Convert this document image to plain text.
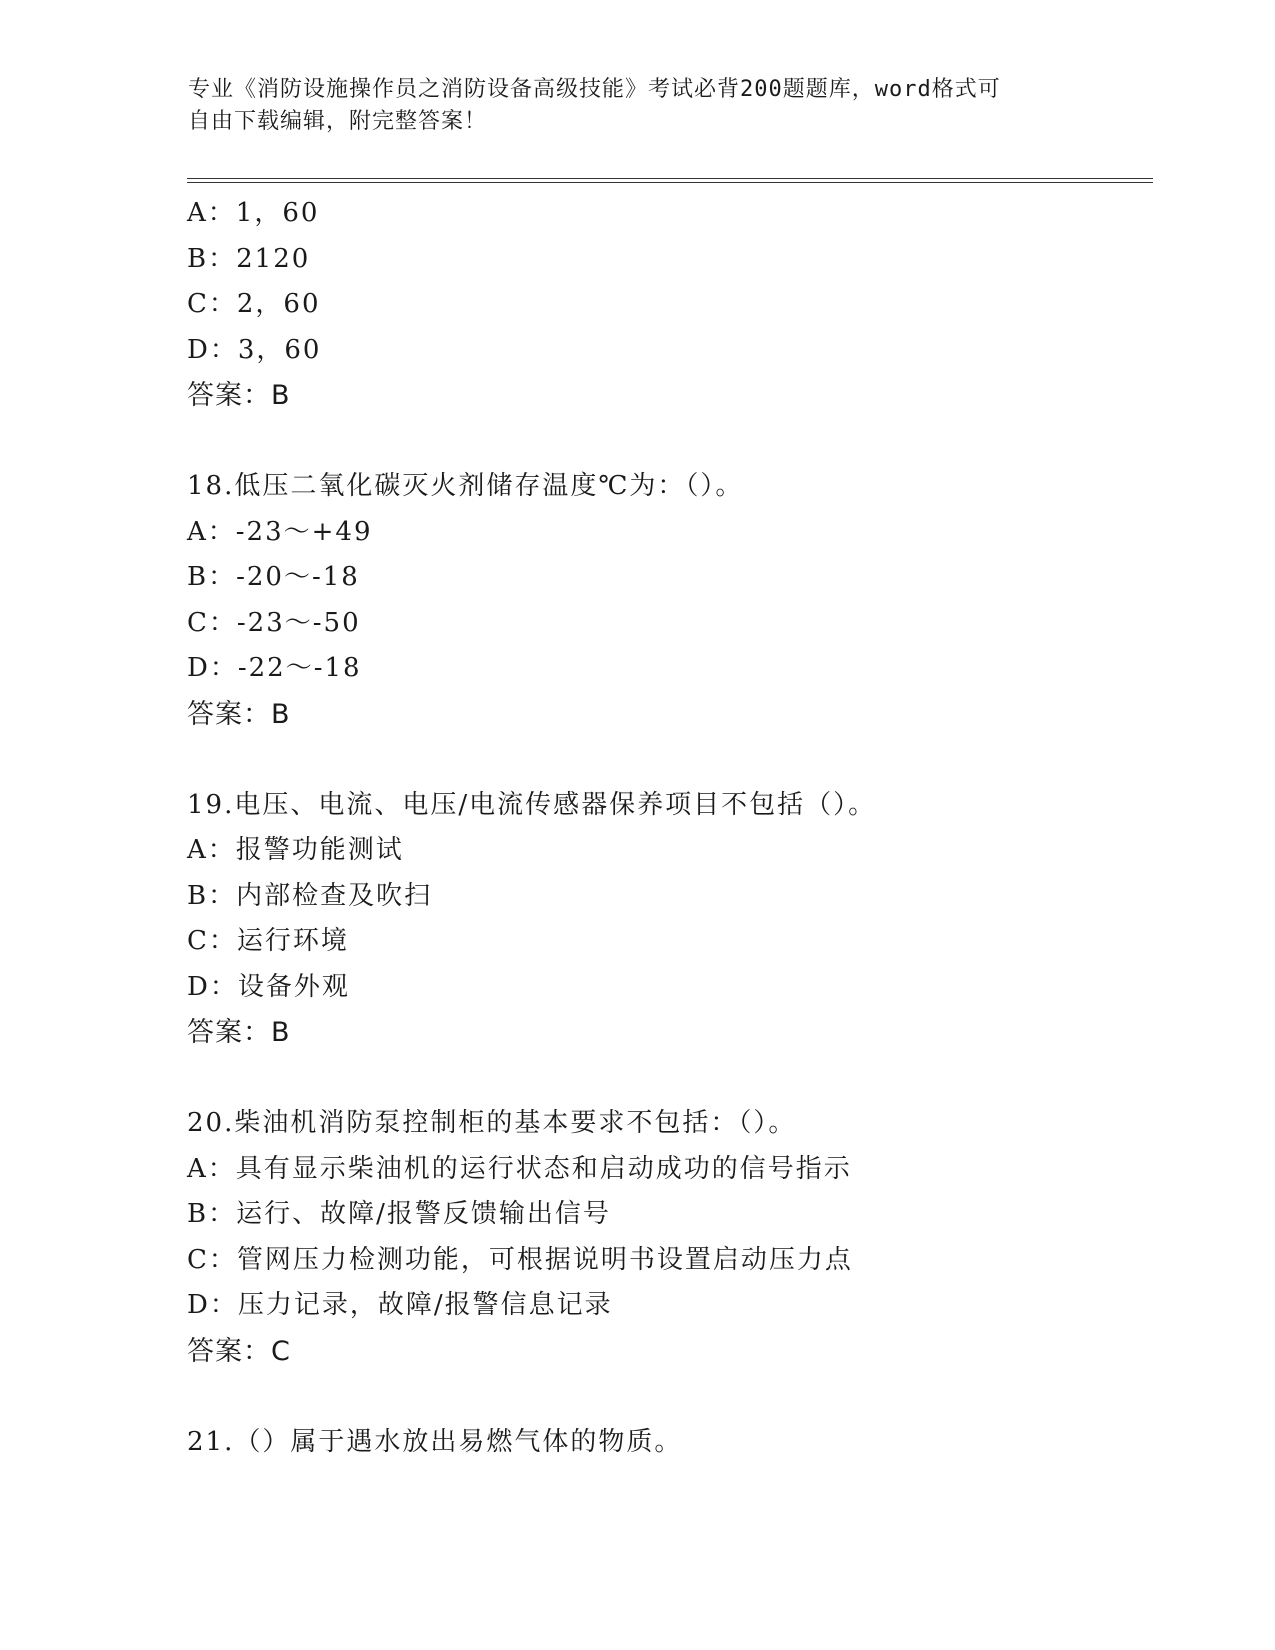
专业《消防设施操作员之消防设备高级技能》考试必背200题题库，word格式可
自由下载编辑，附完整答案！
A：1，60
B：2120
C：2，60
D：3，60
答案：B
18.低压二氧化碳灭火剂储存温度℃为：（）。
A：-23～+49
B：-20～-18
C：-23～-50
D：-22～-18
答案：B
19.电压、电流、电压/电流传感器保养项目不包括（）。
A：报警功能测试
B：内部检查及吹扫
C：运行环境
D：设备外观
答案：B
20.柴油机消防泵控制柜的基本要求不包括：（）。
A：具有显示柴油机的运行状态和启动成功的信号指示
B：运行、故障/报警反馈输出信号
C：管网压力检测功能，可根据说明书设置启动压力点
D：压力记录，故障/报警信息记录
答案：C
21.（）属于遇水放出易燃气体的物质。
